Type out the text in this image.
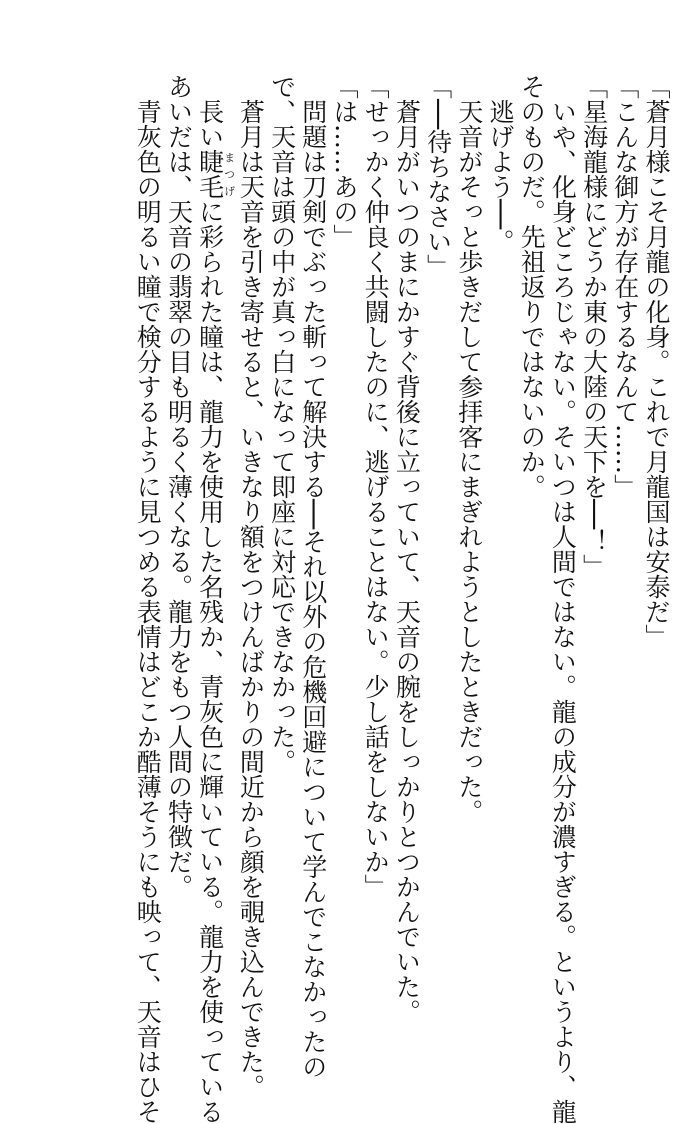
「蒼月様こそ月龍の化身。これで月龍国は安泰だ」
「こんな御方が存在するなんて……」
「星海龍様にどうか東の大陸の天下を──！」
　いや、化身どころじゃない。そいつは人間ではない。龍の成分が濃すぎる。というより、龍
そのものだ。先祖返りではないのか。
　逃げよう──。
　天音がそっと歩きだして参拝客にまぎれようとしたときだった。
「──待ちなさい」
　蒼月がいつのまにかすぐ背後に立っていて、天音の腕をしっかりとつかんでいた。
「せっかく仲良く共闘したのに、逃げることはない。少し話をしないか」
「は……あの」
　問題は刀剣でぶった斬って解決する──それ以外の危機回避について学んでこなかったの
で、天音は頭の中が真っ白になって即座に対応できなかった。
　蒼月は天音を引き寄せると、いきなり額をつけんばかりの間近から顔を覗き込んできた。
　長い睫毛まつげに彩られた瞳は、龍力を使用した名残か、青灰色に輝いている。龍力を使っている
あいだは、天音の翡翠の目も明るく薄くなる。龍力をもつ人間の特徴だ。
　青灰色の明るい瞳で検分するように見つめる表情はどこか酷薄そうにも映って、天音はひそ
